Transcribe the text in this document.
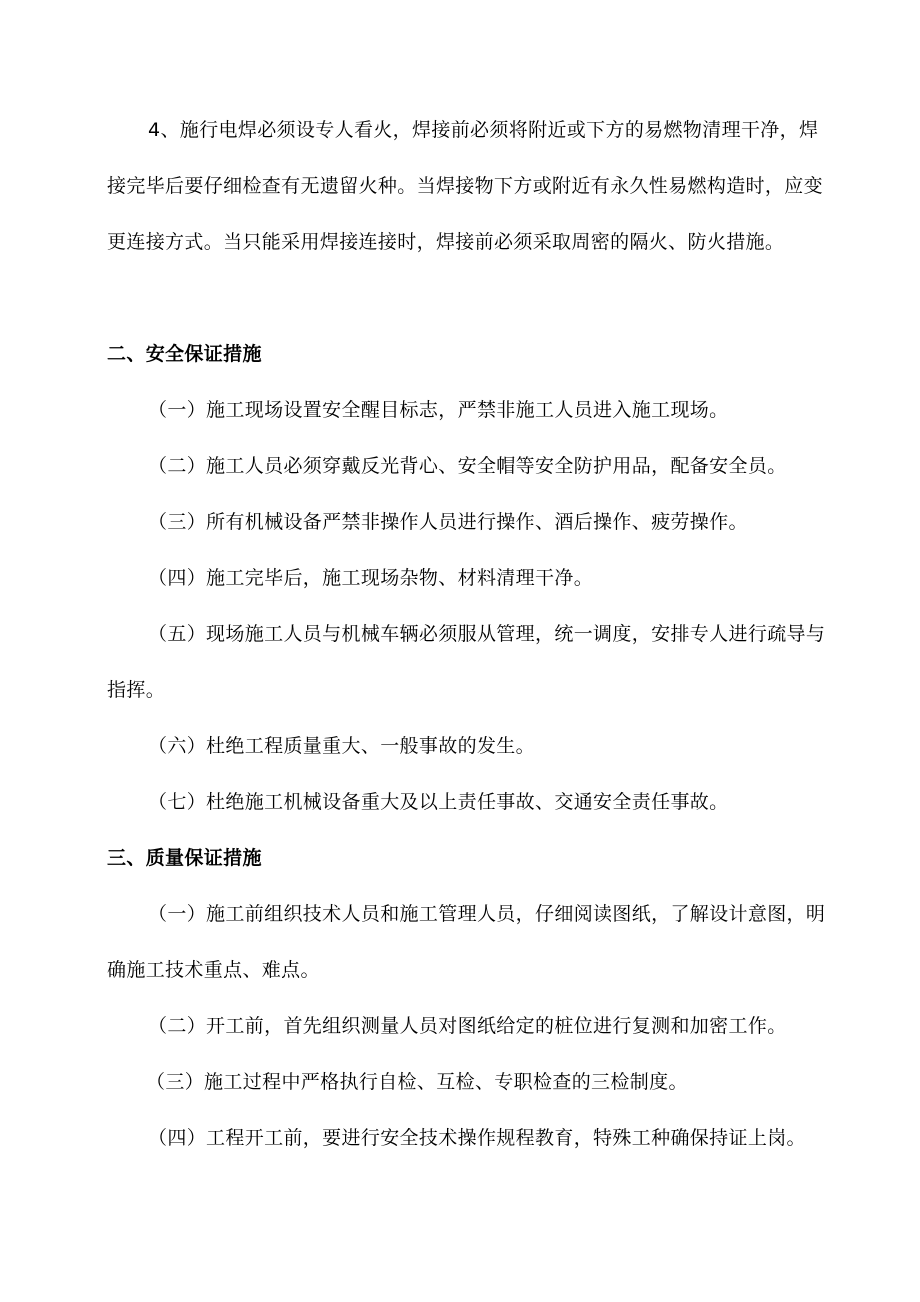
4、施行电焊必须设专人看火，焊接前必须将附近或下方的易燃物清理干净，焊接完毕后要仔细检查有无遗留火种。当焊接物下方或附近有永久性易燃构造时，应变更连接方式。当只能采用焊接连接时，焊接前必须采取周密的隔火、防火措施。

二、安全保证措施

（一）施工现场设置安全醒目标志，严禁非施工人员进入施工现场。

（二）施工人员必须穿戴反光背心、安全帽等安全防护用品，配备安全员。

（三）所有机械设备严禁非操作人员进行操作、酒后操作、疲劳操作。

（四）施工完毕后，施工现场杂物、材料清理干净。

（五）现场施工人员与机械车辆必须服从管理，统一调度，安排专人进行疏导与指挥。

（六）杜绝工程质量重大、一般事故的发生。

（七）杜绝施工机械设备重大及以上责任事故、交通安全责任事故。

三、质量保证措施

（一）施工前组织技术人员和施工管理人员，仔细阅读图纸，了解设计意图，明确施工技术重点、难点。

（二）开工前，首先组织测量人员对图纸给定的桩位进行复测和加密工作。

（三）施工过程中严格执行自检、互检、专职检查的三检制度。

（四）工程开工前，要进行安全技术操作规程教育，特殊工种确保持证上岗。
